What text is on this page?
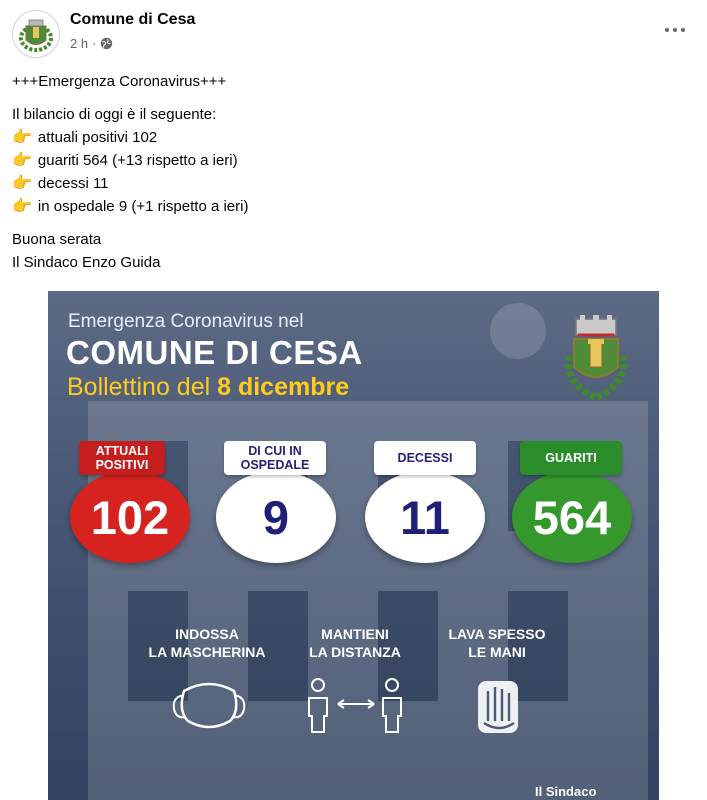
Comune di Cesa
2 h ·

+++Emergenza Coronavirus+++

Il bilancio di oggi è il seguente:

👉 attuali positivi 102

👉 guariti 564 (+13 rispetto a ieri)

👉 decessi 11

👉 in ospedale 9 (+1 rispetto a ieri)

Buona serata

Il Sindaco Enzo Guida

Emergenza Coronavirus nel
COMUNE DI CESA
Bollettino del 8 dicembre
ATTUALI POSITIVI
102
DI CUI IN OSPEDALE
9
DECESSI
11
GUARITI
564
INDOSSA
LA MASCHERINA
MANTIENI
LA DISTANZA
LAVA SPESSO
LE MANI
Il Sindaco
